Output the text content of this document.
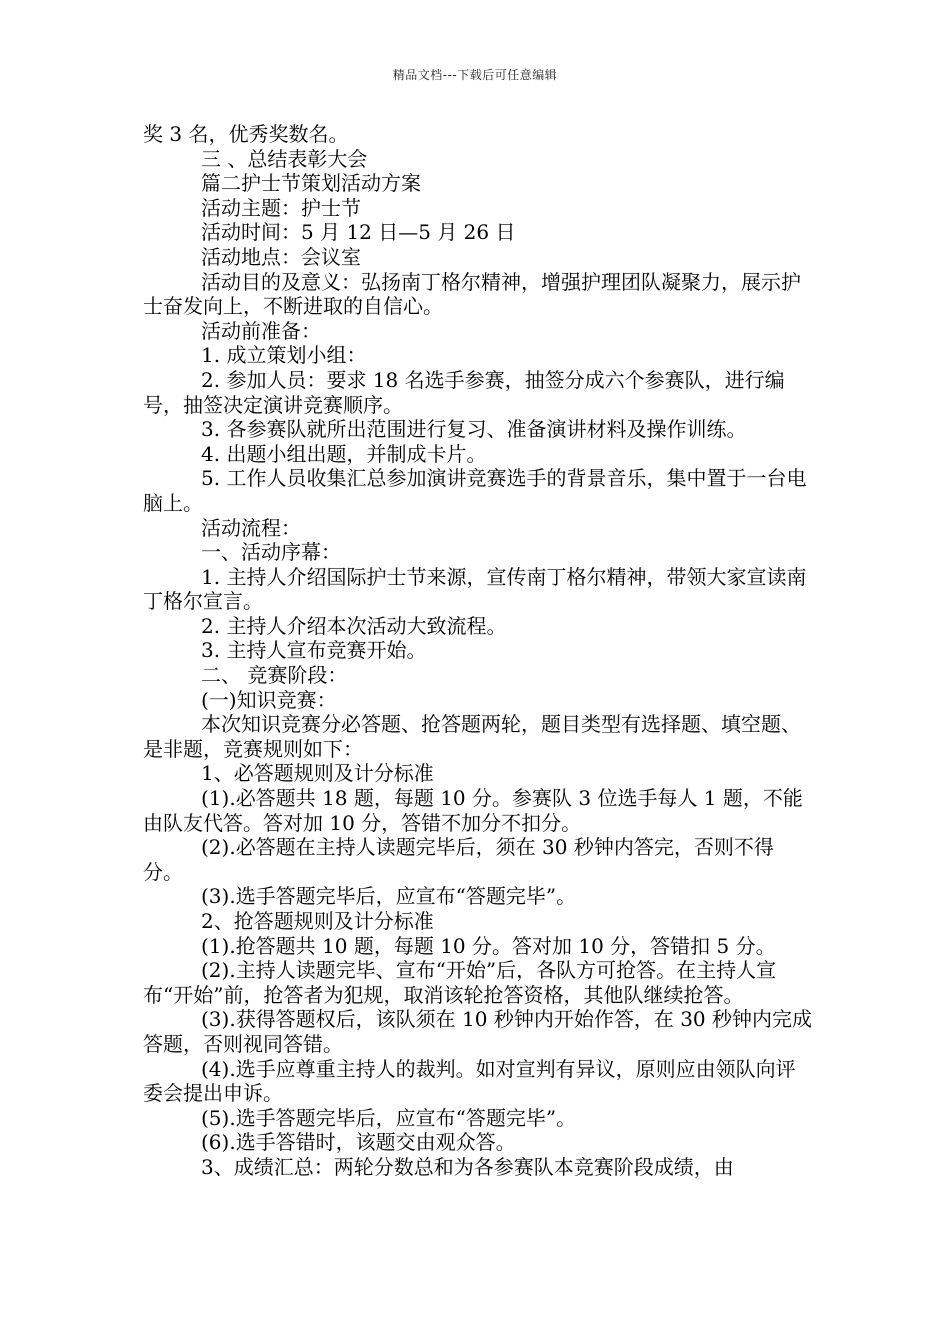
精品文档---下载后可任意编辑

奖 3 名，优秀奖数名。

三 、总结表彰大会

篇二护士节策划活动方案

活动主题：护士节

活动时间：5 月 12 日—5 月 26 日

活动地点：会议室

活动目的及意义：弘扬南丁格尔精神，增强护理团队凝聚力，展示护士奋发向上，不断进取的自信心。

活动前准备：

1. 成立策划小组：

2. 参加人员：要求 18 名选手参赛，抽签分成六个参赛队，进行编号，抽签决定演讲竞赛顺序。

3. 各参赛队就所出范围进行复习、准备演讲材料及操作训练。

4. 出题小组出题，并制成卡片。

5. 工作人员收集汇总参加演讲竞赛选手的背景音乐，集中置于一台电脑上。

活动流程：

一、活动序幕：

1. 主持人介绍国际护士节来源，宣传南丁格尔精神，带领大家宣读南丁格尔宣言。

2. 主持人介绍本次活动大致流程。

3. 主持人宣布竞赛开始。

二、 竞赛阶段：

(一)知识竞赛：

本次知识竞赛分必答题、抢答题两轮，题目类型有选择题、填空题、是非题，竞赛规则如下：

1、必答题规则及计分标准

(1).必答题共 18 题，每题 10 分。参赛队 3 位选手每人 1 题，不能由队友代答。答对加 10 分，答错不加分不扣分。

(2).必答题在主持人读题完毕后，须在 30 秒钟内答完，否则不得分。

(3).选手答题完毕后，应宣布“答题完毕”。

2、抢答题规则及计分标准

(1).抢答题共 10 题，每题 10 分。答对加 10 分，答错扣 5 分。

(2).主持人读题完毕、宣布“开始”后，各队方可抢答。在主持人宣布“开始”前，抢答者为犯规，取消该轮抢答资格，其他队继续抢答。

(3).获得答题权后，该队须在 10 秒钟内开始作答，在 30 秒钟内完成答题，否则视同答错。

(4).选手应尊重主持人的裁判。如对宣判有异议，原则应由领队向评委会提出申诉。

(5).选手答题完毕后，应宣布“答题完毕”。

(6).选手答错时，该题交由观众答。

3、成绩汇总：两轮分数总和为各参赛队本竞赛阶段成绩，由
